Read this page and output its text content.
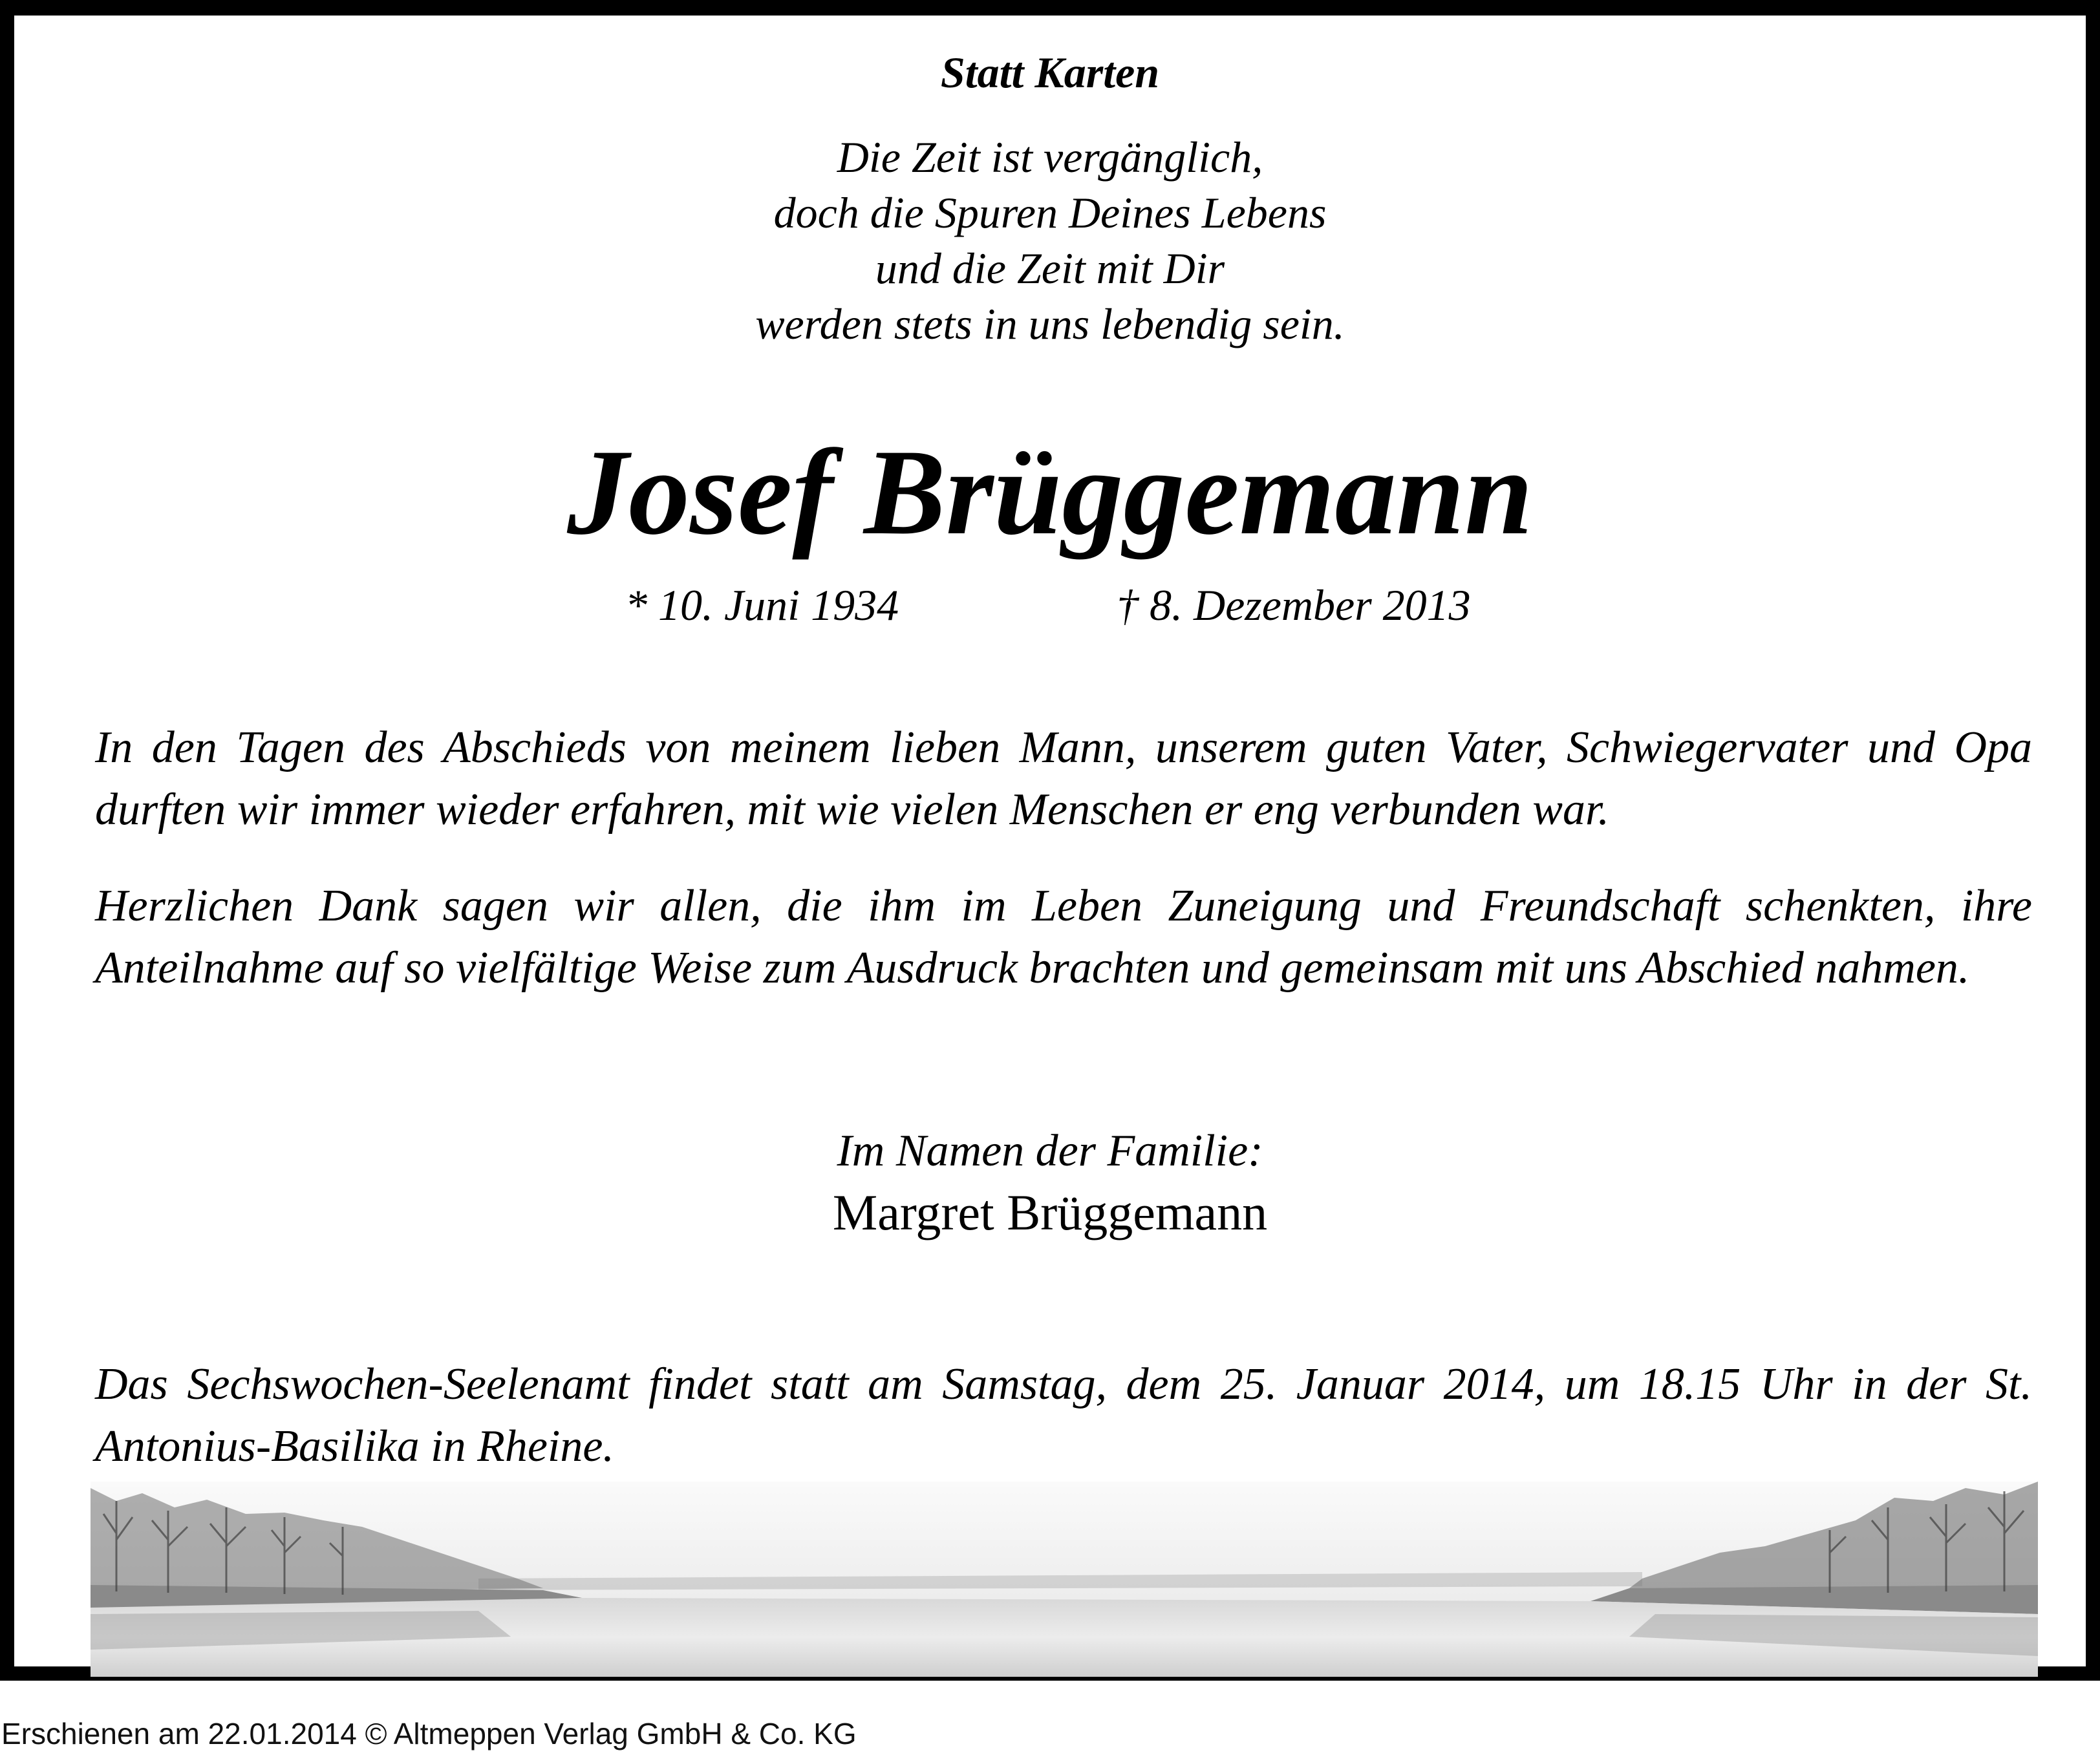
Statt Karten
Die Zeit ist vergänglich,
doch die Spuren Deines Lebens
und die Zeit mit Dir
werden stets in uns lebendig sein.
Josef Brüggemann
* 10. Juni 1934	† 8. Dezember 2013
In den Tagen des Abschieds von meinem lieben Mann, unserem guten Vater, Schwiegervater und Opa durften wir immer wieder erfahren, mit wie vielen Menschen er eng verbunden war.
Herzlichen Dank sagen wir allen, die ihm im Leben Zuneigung und Freundschaft schenkten, ihre Anteilnahme auf so vielfältige Weise zum Ausdruck brachten und gemeinsam mit uns Abschied nahmen.
Im Namen der Familie:
Margret Brüggemann
Das Sechswochen-Seelenamt findet statt am Samstag, dem 25. Januar 2014, um 18.15 Uhr in der St. Antonius-Basilika in Rheine.
Erschienen am 22.01.2014 © Altmeppen Verlag GmbH & Co. KG
